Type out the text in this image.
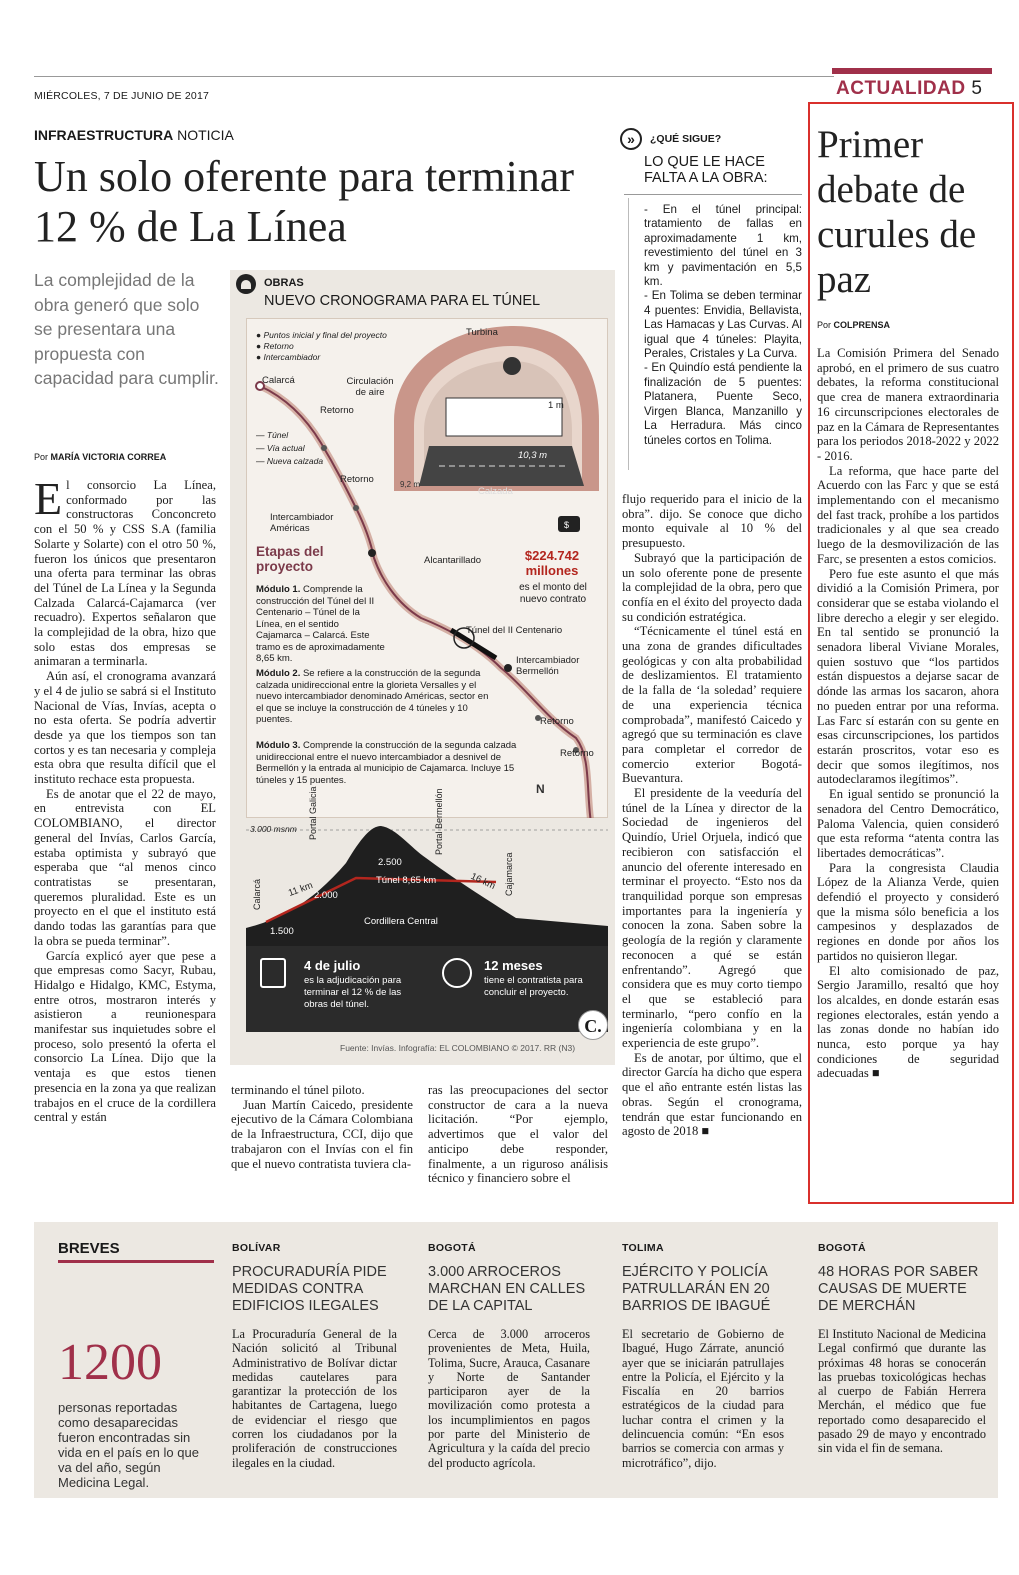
MIÉRCOLES, 7 DE JUNIO DE 2017	ACTUALIDAD 5
INFRAESTRUCTURA NOTICIA
Un solo oferente para terminar 12 % de La Línea
La complejidad de la obra generó que solo se presentara una propuesta con capacidad para cumplir.
Por MARÍA VICTORIA CORREA

El consorcio La Línea, conformado por las constructoras Conconcreto con el 50 % y CSS S.A (familia Solarte y Solarte) con el otro 50 %, fueron los únicos que presentaron una oferta para terminar las obras del Túnel de La Línea y la Segunda Calzada Calarcá-Cajamarca (ver recuadro). Expertos señalaron que la complejidad de la obra, hizo que solo estas dos empresas se animaran a terminarla.

Aún así, el cronograma avanzará y el 4 de julio se sabrá si el Instituto Nacional de Vías, Invías, acepta o no esta oferta. Se podría advertir desde ya que los tiempos son tan cortos y es tan necesaria y compleja esta obra que resulta difícil que el instituto rechace esta propuesta.

Es de anotar que el 22 de mayo, en entrevista con EL COLOMBIANO, el director general del Invías, Carlos García, estaba optimista y subrayó que esperaba que “al menos cinco contratistas se presentaran, queremos pluralidad. Este es un proyecto en el que el instituto está dando todas las garantías para que la obra se pueda terminar”.

García explicó ayer que pese a que empresas como Sacyr, Rubau, Hidalgo e Hidalgo, KMC, Estyma, entre otros, mostraron interés y asistieron a reunionespara manifestar sus inquietudes sobre el proceso, solo presentó la oferta el consorcio La Línea. Dijo que la ventaja es que estos tienen presencia en la zona ya que realizan trabajos en el cruce de la cordillera central y están

OBRAS
NUEVO CRONOGRAMA PARA EL TÚNEL
$
N
● Puntos inicial y final del proyecto
● Retorno
● Intercambiador
— Túnel
— Vía actual
— Nueva calzada
Calarcá
Retorno
Circulación de aire
Turbina
1 m
10,3 m
9,2 m
Calzada
Retorno
Intercambiador Américas
Alcantarillado
Túnel del II Centenario
Intercambiador Bermellón
Retorno
Retorno
$224.742 millones
es el monto del nuevo contrato
Etapas del proyecto
Módulo 1. Comprende la construcción del Túnel del II Centenario – Túnel de la Línea, en el sentido Cajamarca – Calarcá. Este tramo es de aproximadamente 8,65 km.
Módulo 2. Se refiere a la construcción de la segunda calzada unidireccional entre la glorieta Versalles y el nuevo intercambiador denominado Américas, sector en el que se incluye la construcción de 4 túneles y 10 puentes.
Módulo 3. Comprende la construcción de la segunda calzada unidireccional entre el nuevo intercambiador a desnivel de Bermellón y la entrada al municipio de Cajamarca. Incluye 15 túneles y 15 puentes.
3.000 msnm Portal Galicia	Portal Bermellón
2.500
Túnel 8,65 km
11 km	16 km
2.000
Calarcá	Cajamarca
Cordillera Central
1.500
4 de julio
es la adjudicación para terminar el 12 % de las obras del túnel.
12 meses
tiene el contratista para concluir el proyecto.
C.
Fuente: Invías. Infografía: EL COLOMBIANO © 2017. RR (N3)

terminando el túnel piloto.

Juan Martín Caicedo, presidente ejecutivo de la Cámara Colombiana de la Infraestructura, CCI, dijo que trabajaron con el Invías con el fin que el nuevo contratista tuviera cla-

ras las preocupaciones del sector constructor de cara a la nueva licitación. “Por ejemplo, advertimos que el valor del anticipo debe responder, finalmente, a un riguroso análisis técnico y financiero sobre el

»	¿QUÉ SIGUE?
LO QUE LE HACE FALTA A LA OBRA:
- En el túnel principal: tratamiento de fallas en aproximadamente 1 km, revestimiento del túnel en 3 km y pavimentación en 5,5 km.
- En Tolima se deben terminar 4 puentes: Envidia, Bellavista, Las Hamacas y Las Curvas. Al igual que 4 túneles: Playita, Perales, Cristales y La Curva.
- En Quindío está pendiente la finalización de 5 puentes: Platanera, Puente Seco, Virgen Blanca, Manzanillo y La Herradura. Más cinco túneles cortos en Tolima.

flujo requerido para el inicio de la obra”. dijo. Se conoce que dicho monto equivale al 10 % del presupuesto.

Subrayó que la participación de un solo oferente pone de presente la complejidad de la obra, pero que confía en el éxito del proyecto dada su condición estratégica.

“Técnicamente el túnel está en una zona de grandes dificultades geológicas y con alta probabilidad de deslizamientos. El tratamiento de la falla de ‘la soledad’ requiere de una experiencia técnica comprobada”, manifestó Caicedo y agregó que su terminación es clave para completar el corredor de comercio exterior Bogotá-Buevantura.

El presidente de la veeduría del túnel de la Línea y director de la Sociedad de ingenieros del Quindío, Uriel Orjuela, indicó que recibieron con satisfacción el anuncio del oferente interesado en terminar el proyecto. “Esto nos da tranquilidad porque son empresas importantes para la ingeniería y conocen la zona. Saben sobre la geología de la región y claramente reconocen a qué se están enfrentando”. Agregó que considera que es muy corto tiempo el que se estableció para terminarlo, “pero confío en la ingeniería colombiana y en la experiencia de este grupo”.

Es de anotar, por último, que el director García ha dicho que espera que el año entrante estén listas las obras. Según el cronograma, tendrán que estar funcionando en agosto de 2018 ■

Primer debate de curules de paz
Por COLPRENSA

La Comisión Primera del Senado aprobó, en el primero de sus cuatro debates, la reforma constitucional que crea de manera extraordinaria 16 circunscripciones electorales de paz en la Cámara de Representantes para los periodos 2018-2022 y 2022 - 2016.

La reforma, que hace parte del Acuerdo con las Farc y que se está implementando con el mecanismo del fast track, prohíbe a los partidos tradicionales y al que sea creado luego de la desmovilización de las Farc, se presenten a estos comicios.

Pero fue este asunto el que más dividió a la Comisión Primera, por considerar que se estaba violando el libre derecho a elegir y ser elegido. En tal sentido se pronunció la senadora liberal Viviane Morales, quien sostuvo que “los partidos están dispuestos a dejarse sacar de dónde las armas los sacaron, ahora no pueden entrar por una reforma. Las Farc sí estarán con su gente en esas circunscripciones, los partidos estarán proscritos, votar eso es decir que somos ilegítimos, nos autodeclaramos ilegítimos”.

En igual sentido se pronunció la senadora del Centro Democrático, Paloma Valencia, quien consideró que esta reforma “atenta contra las libertades democráticas”.

Para la congresista Claudia López de la Alianza Verde, quien defendió el proyecto y consideró que la misma sólo beneficia a los campesinos y desplazados de regiones en donde por años los partidos no quisieron llegar.

El alto comisionado de paz, Sergio Jaramillo, resaltó que hoy los alcaldes, en donde estarán esas regiones electorales, están yendo a las zonas donde no habían ido nunca, esto porque ya hay condiciones de seguridad adecuadas ■

BREVES
1200
personas reportadas como desaparecidas fueron encontradas sin vida en el país en lo que va del año, según Medicina Legal.
BOLÍVAR
PROCURADURÍA PIDE MEDIDAS CONTRA EDIFICIOS ILEGALES
La Procuraduría General de la Nación solicitó al Tribunal Administrativo de Bolívar dictar medidas cautelares para garantizar la protección de los habitantes de Cartagena, luego de evidenciar el riesgo que corren los ciudadanos por la proliferación de construcciones ilegales en la ciudad.
BOGOTÁ
3.000 ARROCEROS MARCHAN EN CALLES DE LA CAPITAL
Cerca de 3.000 arroceros provenientes de Meta, Huila, Tolima, Sucre, Arauca, Casanare y Norte de Santander participaron ayer de la movilización como protesta a los incumplimientos en pagos por parte del Ministerio de Agricultura y la caída del precio del producto agrícola.
TOLIMA
EJÉRCITO Y POLICÍA PATRULLARÁN EN 20 BARRIOS DE IBAGUÉ
El secretario de Gobierno de Ibagué, Hugo Zárrate, anunció ayer que se iniciarán patrullajes entre la Policía, el Ejército y la Fiscalía en 20 barrios estratégicos de la ciudad para luchar contra el crimen y la delincuencia común: “En esos barrios se comercia con armas y microtráfico”, dijo.
BOGOTÁ
48 HORAS POR SABER CAUSAS DE MUERTE DE MERCHÁN
El Instituto Nacional de Medicina Legal confirmó que durante las próximas 48 horas se conocerán las pruebas toxicológicas hechas al cuerpo de Fabián Herrera Merchán, el médico que fue reportado como desaparecido el pasado 29 de mayo y encontrado sin vida el fin de semana.
